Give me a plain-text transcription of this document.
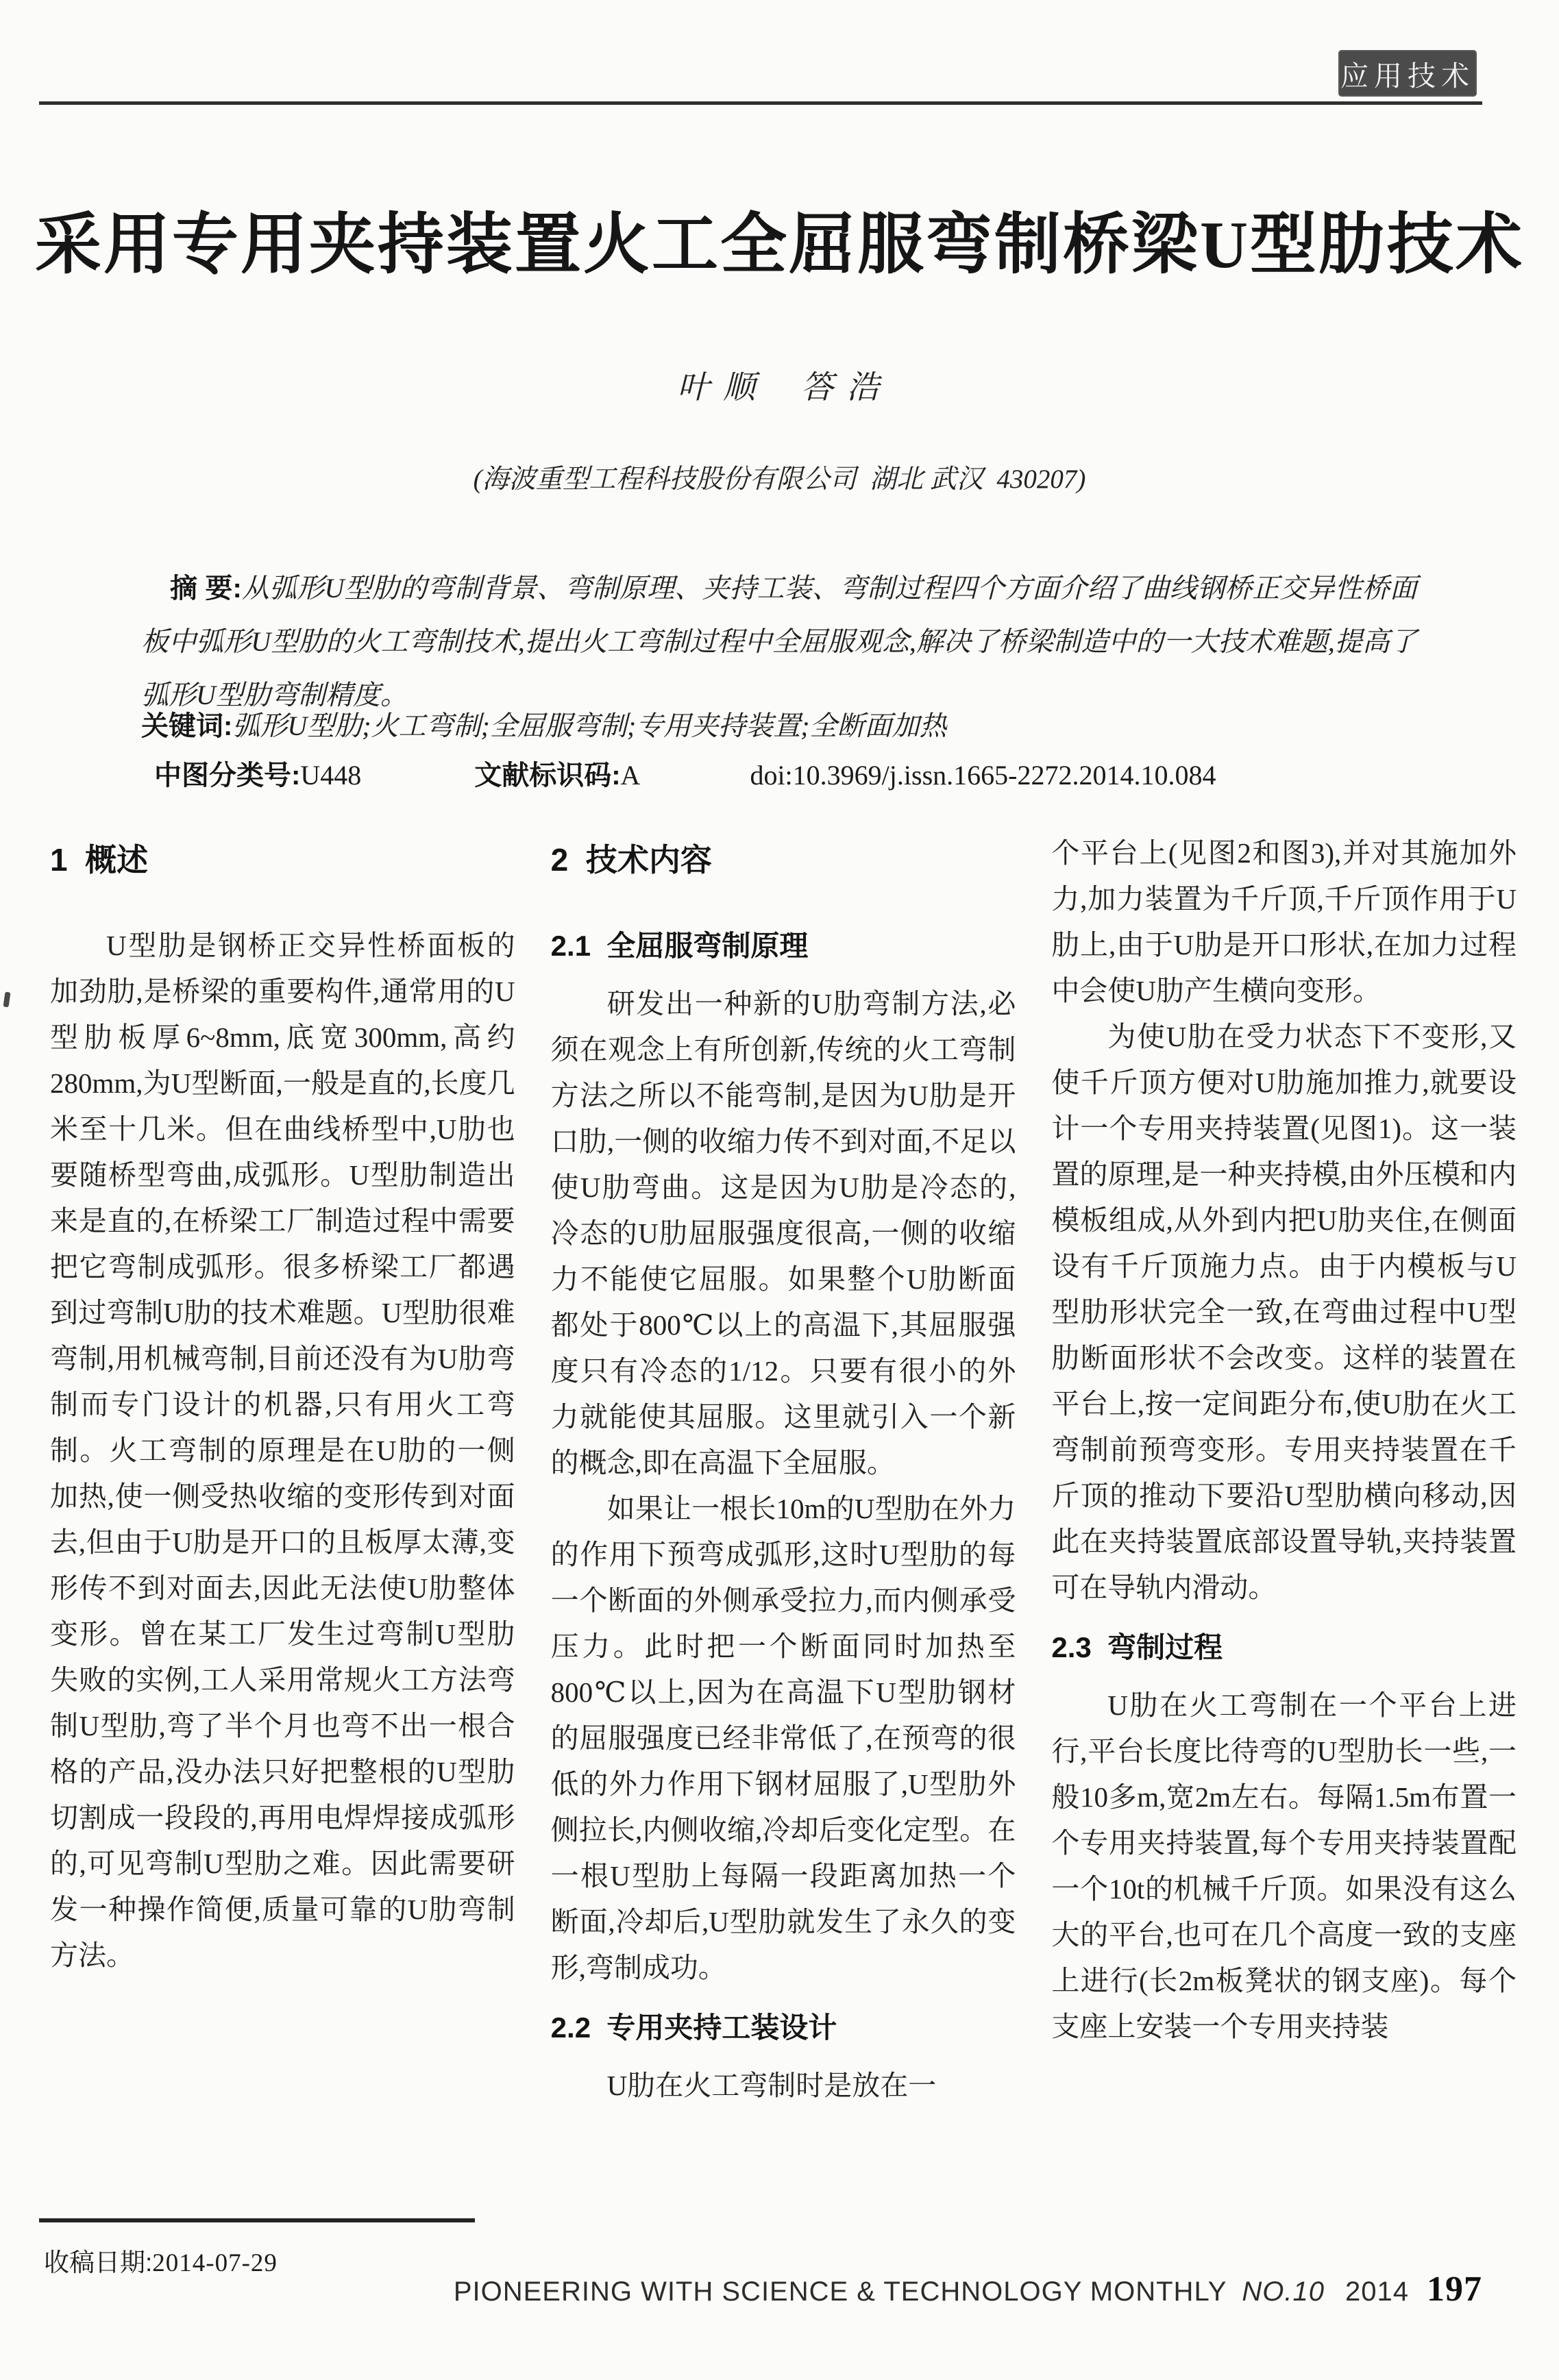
应用技术
采用专用夹持装置火工全屈服弯制桥梁U型肋技术
叶 顺    答 浩
(海波重型工程科技股份有限公司  湖北 武汉  430207)
摘 要:从弧形U型肋的弯制背景、弯制原理、夹持工装、弯制过程四个方面介绍了曲线钢桥正交异性桥面板中弧形U型肋的火工弯制技术,提出火工弯制过程中全屈服观念,解决了桥梁制造中的一大技术难题,提高了弧形U型肋弯制精度。
关键词:弧形U型肋;火工弯制;全屈服弯制;专用夹持装置;全断面加热
中图分类号:U448	文献标识码:A	doi:10.3969/j.issn.1665-2272.2014.10.084
1  概述

U型肋是钢桥正交异性桥面板的加劲肋,是桥梁的重要构件,通常用的U型肋板厚6~8mm,底宽300mm,高约280mm,为U型断面,一般是直的,长度几米至十几米。但在曲线桥型中,U肋也要随桥型弯曲,成弧形。U型肋制造出来是直的,在桥梁工厂制造过程中需要把它弯制成弧形。很多桥梁工厂都遇到过弯制U肋的技术难题。U型肋很难弯制,用机械弯制,目前还没有为U肋弯制而专门设计的机器,只有用火工弯制。火工弯制的原理是在U肋的一侧加热,使一侧受热收缩的变形传到对面去,但由于U肋是开口的且板厚太薄,变形传不到对面去,因此无法使U肋整体变形。曾在某工厂发生过弯制U型肋失败的实例,工人采用常规火工方法弯制U型肋,弯了半个月也弯不出一根合格的产品,没办法只好把整根的U型肋切割成一段段的,再用电焊焊接成弧形的,可见弯制U型肋之难。因此需要研发一种操作简便,质量可靠的U肋弯制方法。

2  技术内容
2.1  全屈服弯制原理

研发出一种新的U肋弯制方法,必须在观念上有所创新,传统的火工弯制方法之所以不能弯制,是因为U肋是开口肋,一侧的收缩力传不到对面,不足以使U肋弯曲。这是因为U肋是冷态的,冷态的U肋屈服强度很高,一侧的收缩力不能使它屈服。如果整个U肋断面都处于800℃以上的高温下,其屈服强度只有冷态的1/12。只要有很小的外力就能使其屈服。这里就引入一个新的概念,即在高温下全屈服。

如果让一根长10m的U型肋在外力的作用下预弯成弧形,这时U型肋的每一个断面的外侧承受拉力,而内侧承受压力。此时把一个断面同时加热至800℃以上,因为在高温下U型肋钢材的屈服强度已经非常低了,在预弯的很低的外力作用下钢材屈服了,U型肋外侧拉长,内侧收缩,冷却后变化定型。在一根U型肋上每隔一段距离加热一个断面,冷却后,U型肋就发生了永久的变形,弯制成功。

2.2  专用夹持工装设计

U肋在火工弯制时是放在一

个平台上(见图2和图3),并对其施加外力,加力装置为千斤顶,千斤顶作用于U肋上,由于U肋是开口形状,在加力过程中会使U肋产生横向变形。

为使U肋在受力状态下不变形,又使千斤顶方便对U肋施加推力,就要设计一个专用夹持装置(见图1)。这一装置的原理,是一种夹持模,由外压模和内模板组成,从外到内把U肋夹住,在侧面设有千斤顶施力点。由于内模板与U型肋形状完全一致,在弯曲过程中U型肋断面形状不会改变。这样的装置在平台上,按一定间距分布,使U肋在火工弯制前预弯变形。专用夹持装置在千斤顶的推动下要沿U型肋横向移动,因此在夹持装置底部设置导轨,夹持装置可在导轨内滑动。

2.3  弯制过程

U肋在火工弯制在一个平台上进行,平台长度比待弯的U型肋长一些,一般10多m,宽2m左右。每隔1.5m布置一个专用夹持装置,每个专用夹持装置配一个10t的机械千斤顶。如果没有这么大的平台,也可在几个高度一致的支座上进行(长2m板凳状的钢支座)。每个支座上安装一个专用夹持装

收稿日期:2014-07-29
PIONEERING WITH SCIENCE & TECHNOLOGY MONTHLY NO.10 2014 197
